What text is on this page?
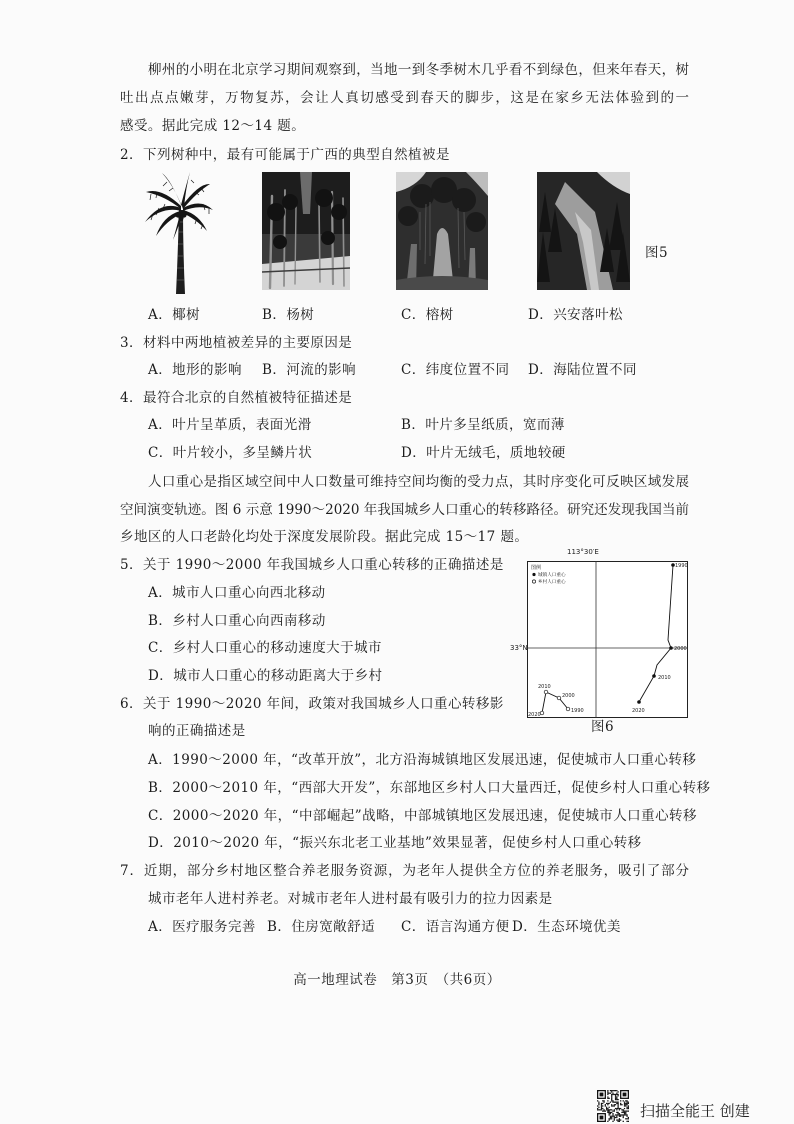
柳州的小明在北京学习期间观察到，当地一到冬季树木几乎看不到绿色，但来年春天，树
吐出点点嫩芽，万物复苏，会让人真切感受到春天的脚步，这是在家乡无法体验到的一
感受。据此完成 12～14 题。
2．下列树种中，最有可能属于广西的典型自然植被是
图5
A．椰树	B．杨树	C．榕树	D．兴安落叶松
3．材料中两地植被差异的主要原因是
A．地形的影响 B．河流的影响	C．纬度位置不同 D．海陆位置不同
4．最符合北京的自然植被特征描述是
A．叶片呈革质，表面光滑	B．叶片多呈纸质，宽而薄
C．叶片较小，多呈鳞片状	D．叶片无绒毛，质地较硬
人口重心是指区域空间中人口数量可维持空间均衡的受力点，其时序变化可反映区域发展
空间演变轨迹。图 6 示意 1990～2020 年我国城乡人口重心的转移路径。研究还发现我国当前
乡地区的人口老龄化均处于深度发展阶段。据此完成 15～17 题。
5．关于 1990～2000 年我国城乡人口重心转移的正确描述是
A．城市人口重心向西北移动
B．乡村人口重心向西南移动
C．乡村人口重心的移动速度大于城市
D．城市人口重心的移动距离大于乡村
113°30′E
33°N
图例
城镇人口重心
乡村人口重心
1990
2000
2010
2020
1990
2000
2010
2020
图6
6．关于 1990～2020 年间，政策对我国城乡人口重心转移影
响的正确描述是
A．1990～2000 年，“改革开放”，北方沿海城镇地区发展迅速，促使城市人口重心转移
B．2000～2010 年，“西部大开发”，东部地区乡村人口大量西迁，促使乡村人口重心转移
C．2000～2020 年，“中部崛起”战略，中部城镇地区发展迅速，促使城市人口重心转移
D．2010～2020 年，“振兴东北老工业基地”效果显著，促使乡村人口重心转移
7．近期，部分乡村地区整合养老服务资源，为老年人提供全方位的养老服务，吸引了部分
城市老年人进村养老。对城市老年人进村最有吸引力的拉力因素是
A．医疗服务完善 B．住房宽敞舒适 C．语言沟通方便 D．生态环境优美
高一地理试卷　第3页　（共6页）
扫描全能王 创建
